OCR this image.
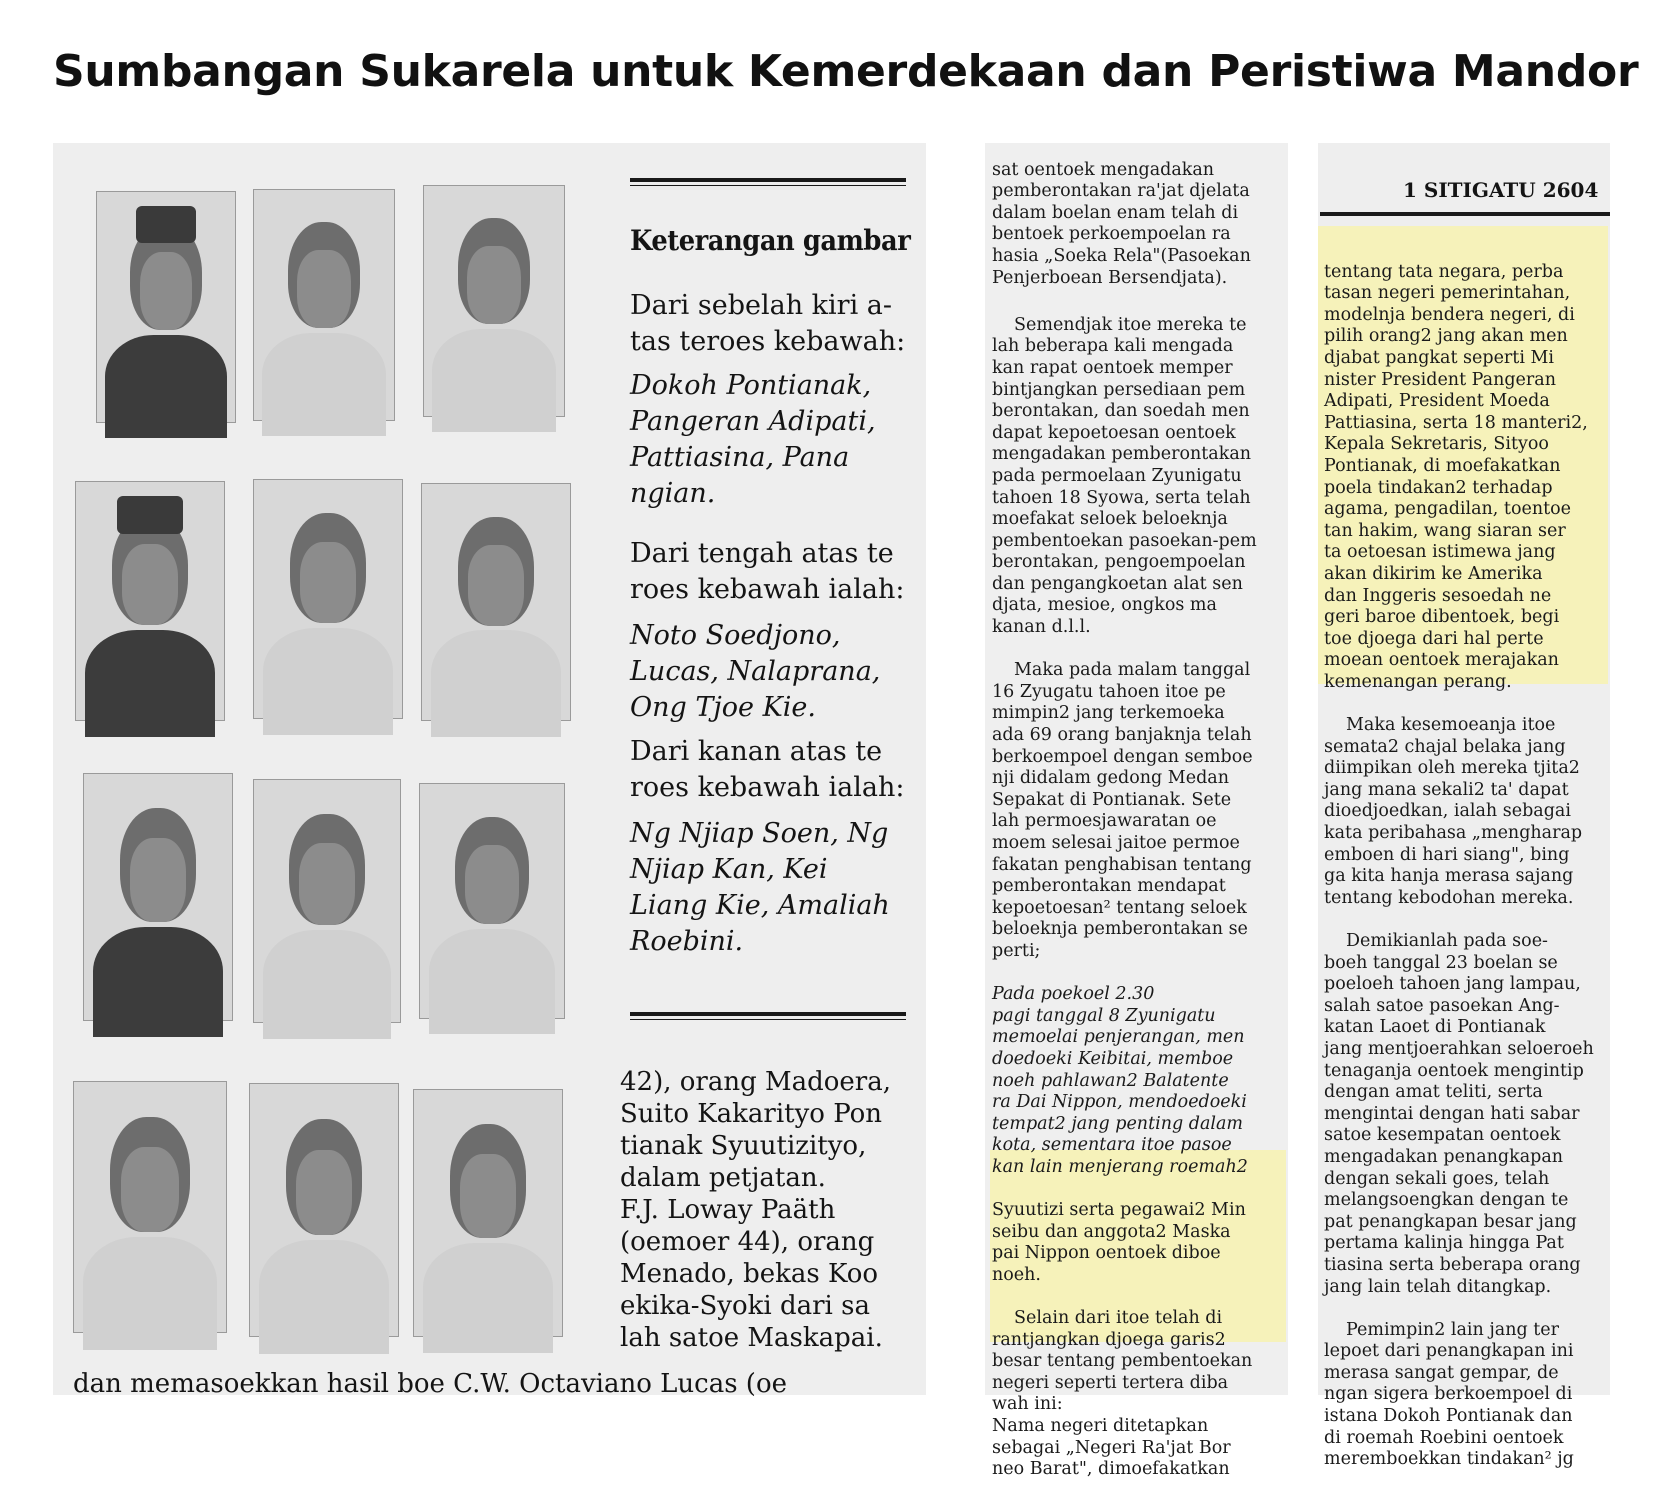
Sumbangan Sukarela untuk Kemerdekaan dan Peristiwa Mandor
Keterangan gambar
Dari sebelah kiri a-
tas teroes kebawah:
Dokoh Pontianak,
Pangeran Adipati,
Pattiasina, Pana
ngian.
Dari tengah atas te
roes kebawah ialah:
Noto Soedjono,
Lucas, Nalaprana,
Ong Tjoe Kie.
Dari kanan atas te
roes kebawah ialah:
Ng Njiap Soen, Ng
Njiap Kan, Kei
Liang Kie, Amaliah
Roebini.
42), orang Madoera,
Suito Kakarityo Pon
tianak Syuutizityo,
dalam petjatan.
F.J. Loway Paäth
(oemoer 44), orang
Menado, bekas Koo
ekika-Syoki dari sa
lah satoe Maskapai.
dan memasoekkan hasil boe C.W. Octaviano Lucas (oe

sat oentoek mengadakan
pemberontakan ra'jat djelata
dalam boelan enam telah di
bentoek perkoempoelan ra
hasia „Soeka Rela"(Pasoekan
Penjerboean Bersendjata).

Semendjak itoe mereka te
lah beberapa kali mengada
kan rapat oentoek memper
bintjangkan persediaan pem
berontakan, dan soedah men
dapat kepoetoesan oentoek
mengadakan pemberontakan
pada permoelaan Zyunigatu
tahoen 18 Syowa, serta telah
moefakat seloek beloeknja
pembentoekan pasoekan-pem
berontakan, pengoempoelan
dan pengangkoetan alat sen
djata, mesioe, ongkos ma
kanan d.l.l.

Maka pada malam tanggal
16 Zyugatu tahoen itoe pe
mimpin2 jang terkemoeka
ada 69 orang banjaknja telah
berkoempoel dengan semboe
nji didalam gedong Medan
Sepakat di Pontianak. Sete
lah permoesjawaratan oe
moem selesai jaitoe permoe
fakatan penghabisan tentang
pemberontakan mendapat
kepoetoesan² tentang seloek
beloeknja pemberontakan se
perti;

Pada poekoel 2.30
pagi tanggal 8 Zyunigatu
memoelai penjerangan, men
doedoeki Keibitai, memboe
noeh pahlawan2 Balatente
ra Dai Nippon, mendoedoeki
tempat2 jang penting dalam
kota, sementara itoe pasoe
kan lain menjerang roemah2

Syuutizi serta pegawai2 Min
seibu dan anggota2 Maska
pai Nippon oentoek diboe
noeh.

Selain dari itoe telah di
rantjangkan djoega garis2
besar tentang pembentoekan
negeri seperti tertera diba
wah ini:
Nama negeri ditetapkan
sebagai „Negeri Ra'jat Bor
neo Barat", dimoefakatkan

1 SITIGATU 2604

tentang tata negara, perba
tasan negeri pemerintahan,
modelnja bendera negeri, di
pilih orang2 jang akan men
djabat pangkat seperti Mi
nister President Pangeran
Adipati, President Moeda
Pattiasina, serta 18 manteri2,
Kepala Sekretaris, Sityoo
Pontianak, di moefakatkan
poela tindakan2 terhadap
agama, pengadilan, toentoe
tan hakim, wang siaran ser
ta oetoesan istimewa jang
akan dikirim ke Amerika
dan Inggeris sesoedah ne
geri baroe dibentoek, begi
toe djoega dari hal perte
moean oentoek merajakan
kemenangan perang.

Maka kesemoeanja itoe
semata2 chajal belaka jang
diimpikan oleh mereka tjita2
jang mana sekali2 ta' dapat
dioedjoedkan, ialah sebagai
kata peribahasa „mengharap
emboen di hari siang", bing
ga kita hanja merasa sajang
tentang kebodohan mereka.

Demikianlah pada soe-
boeh tanggal 23 boelan se
poeloeh tahoen jang lampau,
salah satoe pasoekan Ang-
katan Laoet di Pontianak
jang mentjoerahkan seloeroeh
tenaganja oentoek mengintip
dengan amat teliti, serta
mengintai dengan hati sabar
satoe kesempatan oentoek
mengadakan penangkapan
dengan sekali goes, telah
melangsoengkan dengan te
pat penangkapan besar jang
pertama kalinja hingga Pat
tiasina serta beberapa orang
jang lain telah ditangkap.

Pemimpin2 lain jang ter
lepoet dari penangkapan ini
merasa sangat gempar, de
ngan sigera berkoempoel di
istana Dokoh Pontianak dan
di roemah Roebini oentoek
meremboekkan tindakan² jg
